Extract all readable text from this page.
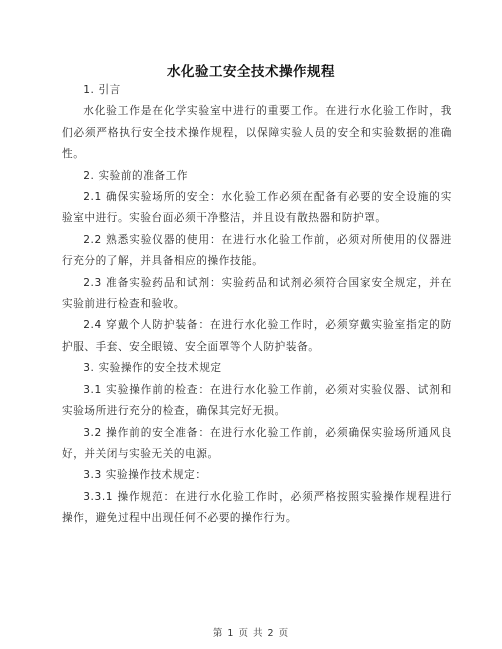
水化验工安全技术操作规程

1. 引言

水化验工作是在化学实验室中进行的重要工作。在进行水化验工作时，我们必须严格执行安全技术操作规程，以保障实验人员的安全和实验数据的准确性。

2. 实验前的准备工作

2.1 确保实验场所的安全：水化验工作必须在配备有必要的安全设施的实验室中进行。实验台面必须干净整洁，并且设有散热器和防护罩。

2.2 熟悉实验仪器的使用：在进行水化验工作前，必须对所使用的仪器进行充分的了解，并具备相应的操作技能。

2.3 准备实验药品和试剂：实验药品和试剂必须符合国家安全规定，并在实验前进行检查和验收。

2.4 穿戴个人防护装备：在进行水化验工作时，必须穿戴实验室指定的防护服、手套、安全眼镜、安全面罩等个人防护装备。

3. 实验操作的安全技术规定

3.1 实验操作前的检查：在进行水化验工作前，必须对实验仪器、试剂和实验场所进行充分的检查，确保其完好无损。

3.2 操作前的安全准备：在进行水化验工作前，必须确保实验场所通风良好，并关闭与实验无关的电源。

3.3 实验操作技术规定：

3.3.1 操作规范：在进行水化验工作时，必须严格按照实验操作规程进行操作，避免过程中出现任何不必要的操作行为。

第 1 页 共 2 页
